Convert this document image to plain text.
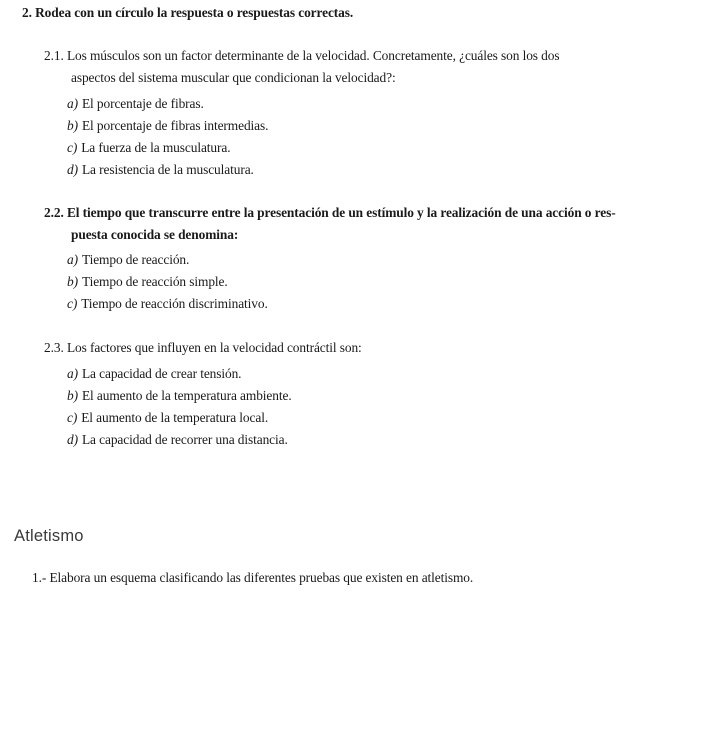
2. Rodea con un círculo la respuesta o respuestas correctas.
2.1. Los músculos son un factor determinante de la velocidad. Concretamente, ¿cuáles son los dos
aspectos del sistema muscular que condicionan la velocidad?:
a) El porcentaje de fibras.
b) El porcentaje de fibras intermedias.
c) La fuerza de la musculatura.
d) La resistencia de la musculatura.
2.2. El tiempo que transcurre entre la presentación de un estímulo y la realización de una acción o res-
puesta conocida se denomina:
a) Tiempo de reacción.
b) Tiempo de reacción simple.
c) Tiempo de reacción discriminativo.
2.3. Los factores que influyen en la velocidad contráctil son:
a) La capacidad de crear tensión.
b) El aumento de la temperatura ambiente.
c) El aumento de la temperatura local.
d) La capacidad de recorrer una distancia.
Atletismo
1.- Elabora un esquema clasificando las diferentes pruebas que existen en atletismo.
